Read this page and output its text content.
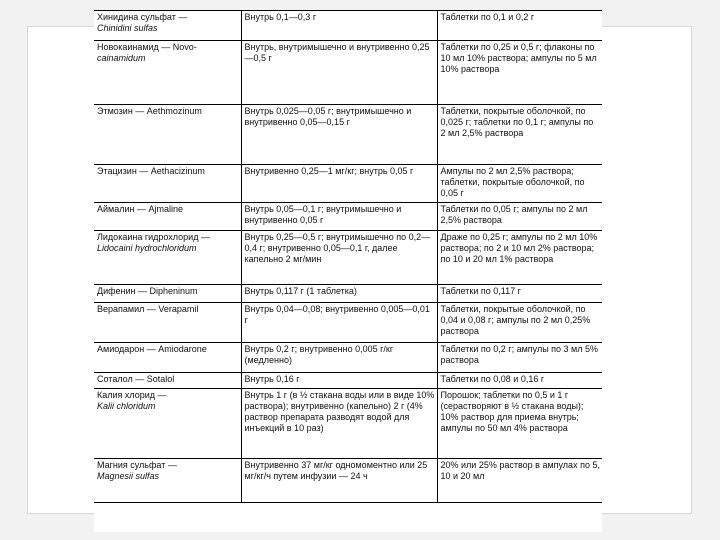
Хинидина сульфат —
Chinidini sulfas	Внутрь 0,1—0,3 г	Таблетки по 0,1 и 0,2 г

Новокаинамид — Novo-
cainamidum	Внутрь, внутримышечно и внутривенно 0,25—0,5 г	Таблетки по 0,25 и 0,5 г; флаконы по 10 мл 10% раствора; ампулы по 5 мл 10% раствора

Этмозин — Aethmozinum	Внутрь 0,025—0,05 г; внутримышечно и внутривенно 0,05—0,15 г	Таблетки, покрытые оболочкой, по 0,025 г; таблетки по 0,1 г; ампулы по 2 мл 2,5% раствора

Этацизин — Aethacizinum	Внутривенно 0,25—1 мг/кг; внутрь 0,05 г	Ампулы по 2 мл 2,5% раствора; таблетки, покрытые оболочкой, по 0,05 г

Аймалин — Ajmaline	Внутрь 0,05—0,1 г; внутримышечно и внутривенно 0,05 г	Таблетки по 0,05 г; ампулы по 2 мл 2,5% раствора

Лидокаина гидрохлорид —
Lidocaini hydrochloridum	Внутрь 0,25—0,5 г; внутримышечно по 0,2—0,4 г; внутривенно 0,05—0,1 г, далее капельно 2 мг/мин	Драже по 0,25 г; ампулы по 2 мл 10% раствора; по 2 и 10 мл 2% раствора; по 10 и 20 мл 1% раствора

Дифенин — Dipheninum	Внутрь 0,117 г (1 таблетка)	Таблетки по 0,117 г

Верапамил — Verapamil	Внутрь 0,04—0,08; внутривенно 0,005—0,01 г	Таблетки, покрытые оболочкой, по 0,04 и 0,08 г; ампулы по 2 мл 0,25% раствора

Амиодарон — Amiodarone	Внутрь 0,2 г; внутривенно 0,005 г/кг (медленно)	Таблетки по 0,2 г; ампулы по 3 мл 5% раствора

Соталол — Sotalol	Внутрь 0,16 г	Таблетки по 0,08 и 0,16 г

Калия хлорид —
Kalii chloridum	Внутрь 1 г (в ½ стакана воды или в виде 10% раствора); внутривенно (капельно) 2 г (4% раствор препарата разводят водой для инъекций в 10 раз)	Порошок; таблетки по 0,5 и 1 г (серастворяют в ½ стакана воды); 10% раствор для приема внутрь; ампулы по 50 мл 4% раствора

Магния сульфат —
Magnesii sulfas	Внутривенно 37 мг/кг одномоментно или 25 мг/кг/ч путем инфузии — 24 ч	20% или 25% раствор в ампулах по 5, 10 и 20 мл
